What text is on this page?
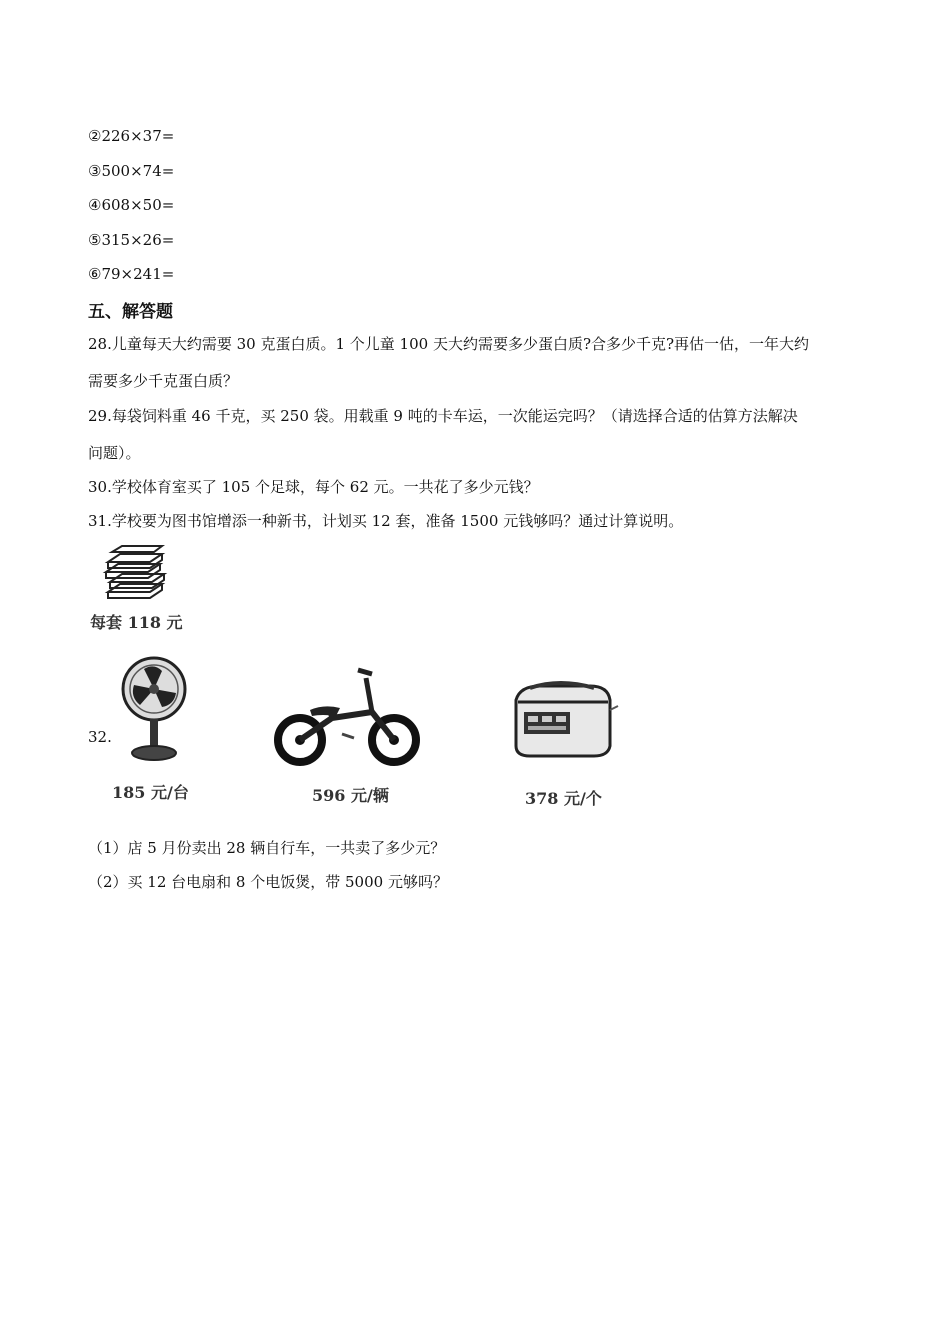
②226×37=
③500×74=
④608×50=
⑤315×26=
⑥79×241=
五、解答题
28.儿童每天大约需要 30 克蛋白质。1 个儿童 100 天大约需要多少蛋白质?合多少千克?再估一估，一年大约
需要多少千克蛋白质？
29.每袋饲料重 46 千克，买 250 袋。用载重 9 吨的卡车运，一次能运完吗？（请选择合适的估算方法解决
问题）。
30.学校体育室买了 105 个足球，每个 62 元。一共花了多少元钱？
31.学校要为图书馆增添一种新书，计划买 12 套，准备 1500 元钱够吗？通过计算说明。
每套 118 元
32.
185 元/台	596 元/辆	378 元/个
（1）店 5 月份卖出 28 辆自行车，一共卖了多少元？
（2）买 12 台电扇和 8 个电饭煲，带 5000 元够吗？
